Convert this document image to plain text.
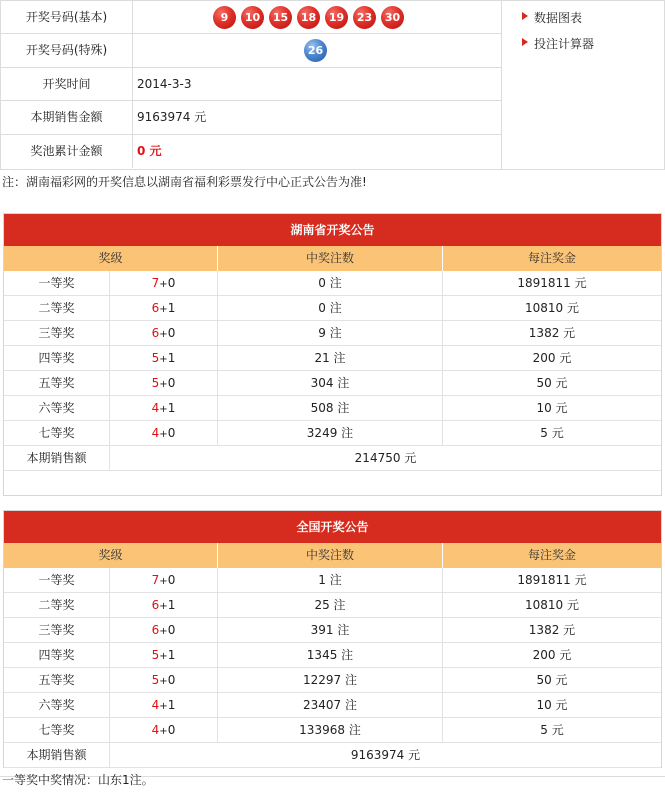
开奖号码(基本)	9 10 15 18 19 23 30
开奖号码(特殊)	26
开奖时间	2014-3-3
本期销售金额	9163974 元
奖池累计金额	0 元
数据图表
投注计算器
注：湖南福彩网的开奖信息以湖南省福利彩票发行中心正式公告为准!
湖南省开奖公告
奖级	中奖注数	每注奖金
一等奖	7+0	0 注	1891811 元
二等奖	6+1	0 注	10810 元
三等奖	6+0	9 注	1382 元
四等奖	5+1	21 注	200 元
五等奖	5+0	304 注	50 元
六等奖	4+1	508 注	10 元
七等奖	4+0	3249 注	5 元
本期销售额	214750 元
全国开奖公告
奖级	中奖注数	每注奖金
一等奖	7+0	1 注	1891811 元
二等奖	6+1	25 注	10810 元
三等奖	6+0	391 注	1382 元
四等奖	5+1	1345 注	200 元
五等奖	5+0	12297 注	50 元
六等奖	4+1	23407 注	10 元
七等奖	4+0	133968 注	5 元
本期销售额	9163974 元
一等奖中奖情况：山东1注。
